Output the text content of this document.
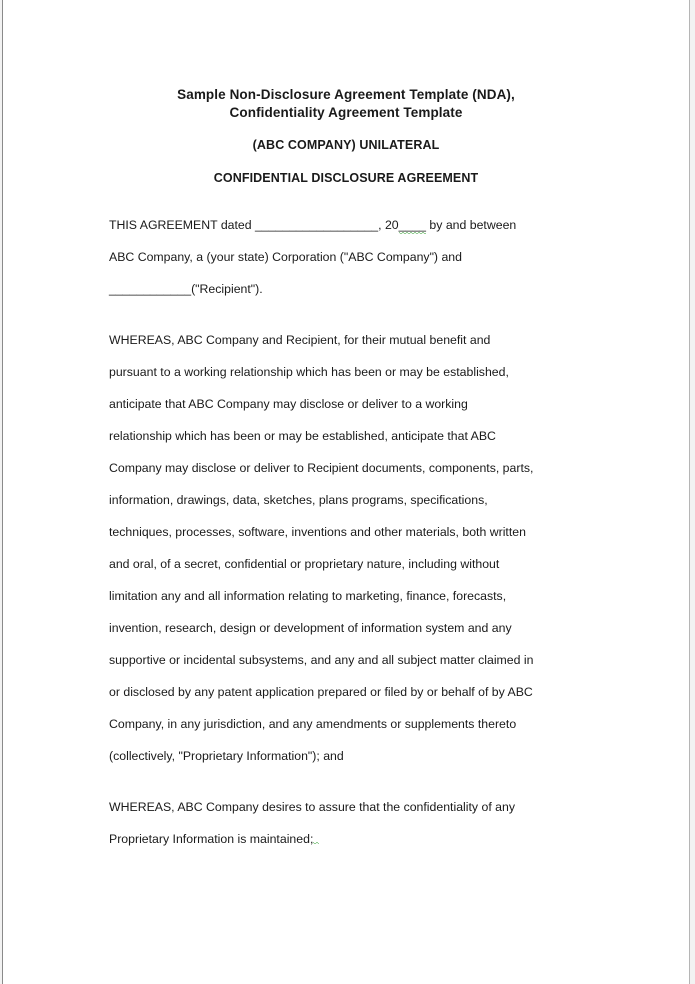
Sample Non-Disclosure Agreement Template (NDA),

Confidentiality Agreement Template

(ABC COMPANY) UNILATERAL

CONFIDENTIAL DISCLOSURE AGREEMENT

THIS AGREEMENT dated __________________, 20____ by and between
ABC Company, a (your state) Corporation ("ABC Company") and
____________("Recipient").
WHEREAS, ABC Company and Recipient, for their mutual benefit and
pursuant to a working relationship which has been or may be established,
anticipate that ABC Company may disclose or deliver to a working
relationship which has been or may be established, anticipate that ABC
Company may disclose or deliver to Recipient documents, components, parts,
information, drawings, data, sketches, plans programs, specifications,
techniques, processes, software, inventions and other materials, both written
and oral, of a secret, confidential or proprietary nature, including without
limitation any and all information relating to marketing, finance, forecasts,
invention, research, design or development of information system and any
supportive or incidental subsystems, and any and all subject matter claimed in
or disclosed by any patent application prepared or filed by or behalf of by ABC
Company, in any jurisdiction, and any amendments or supplements thereto
(collectively, "Proprietary Information"); and
WHEREAS, ABC Company desires to assure that the confidentiality of any
Proprietary Information is maintained;
